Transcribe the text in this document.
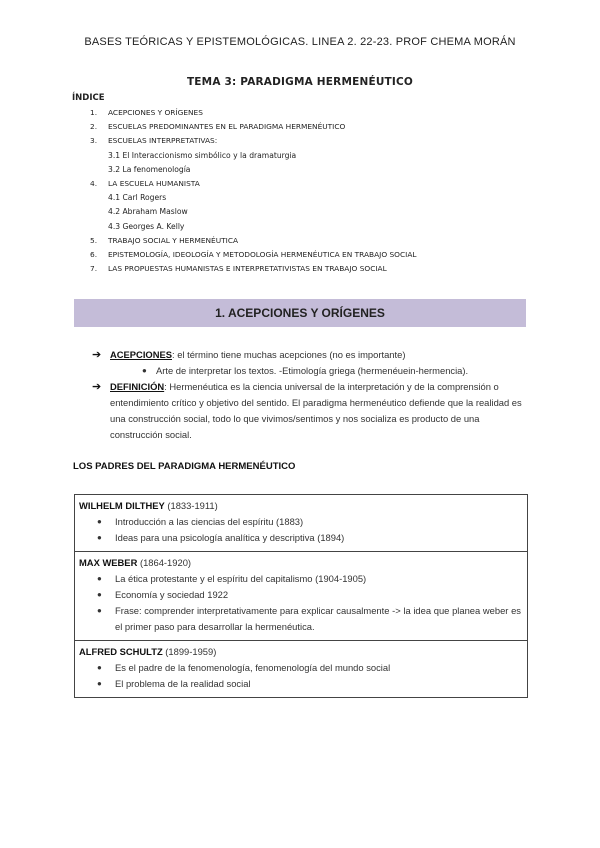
BASES TEÓRICAS Y EPISTEMOLÓGICAS. LINEA 2. 22-23. PROF CHEMA MORÁN
TEMA 3: PARADIGMA HERMENÉUTICO
ÍNDICE
1.	ACEPCIONES Y ORÍGENES
2.	ESCUELAS PREDOMINANTES EN EL PARADIGMA HERMENÉUTICO
3.	ESCUELAS INTERPRETATIVAS:
3.1 El Interaccionismo simbólico y la dramaturgia
3.2 La fenomenología
4.	LA ESCUELA HUMANISTA
4.1 Carl Rogers
4.2 Abraham Maslow
4.3 Georges A. Kelly
5.	TRABAJO SOCIAL Y HERMENÉUTICA
6.	EPISTEMOLOGÍA, IDEOLOGÍA Y METODOLOGÍA HERMENÉUTICA EN TRABAJO SOCIAL
7.	LAS PROPUESTAS HUMANISTAS E INTERPRETATIVISTAS EN TRABAJO SOCIAL
1. ACEPCIONES Y ORÍGENES
➔ ACEPCIONES: el término tiene muchas acepciones (no es importante)
● Arte de interpretar los textos. -Etimología griega (hermenéuein-hermencia).
➔ DEFINICIÓN: Hermenéutica es la ciencia universal de la interpretación y de la comprensión o entendimiento crítico y objetivo del sentido. El paradigma hermenéutico defiende que la realidad es una construcción social, todo lo que vivimos/sentimos y nos socializa es producto de una construcción social.
LOS PADRES DEL PARADIGMA HERMENÉUTICO
WILHELM DILTHEY (1833-1911)
●	Introducción a las ciencias del espíritu (1883)
●	Ideas para una psicología analítica y descriptiva (1894)
MAX WEBER (1864-1920)
●	La ética protestante y el espíritu del capitalismo (1904-1905)
●	Economía y sociedad 1922
●	Frase: comprender interpretativamente para explicar causalmente -> la idea que planea weber es el primer paso para desarrollar la hermenéutica.
ALFRED SCHULTZ (1899-1959)
●	Es el padre de la fenomenología, fenomenología del mundo social
●	El problema de la realidad social
